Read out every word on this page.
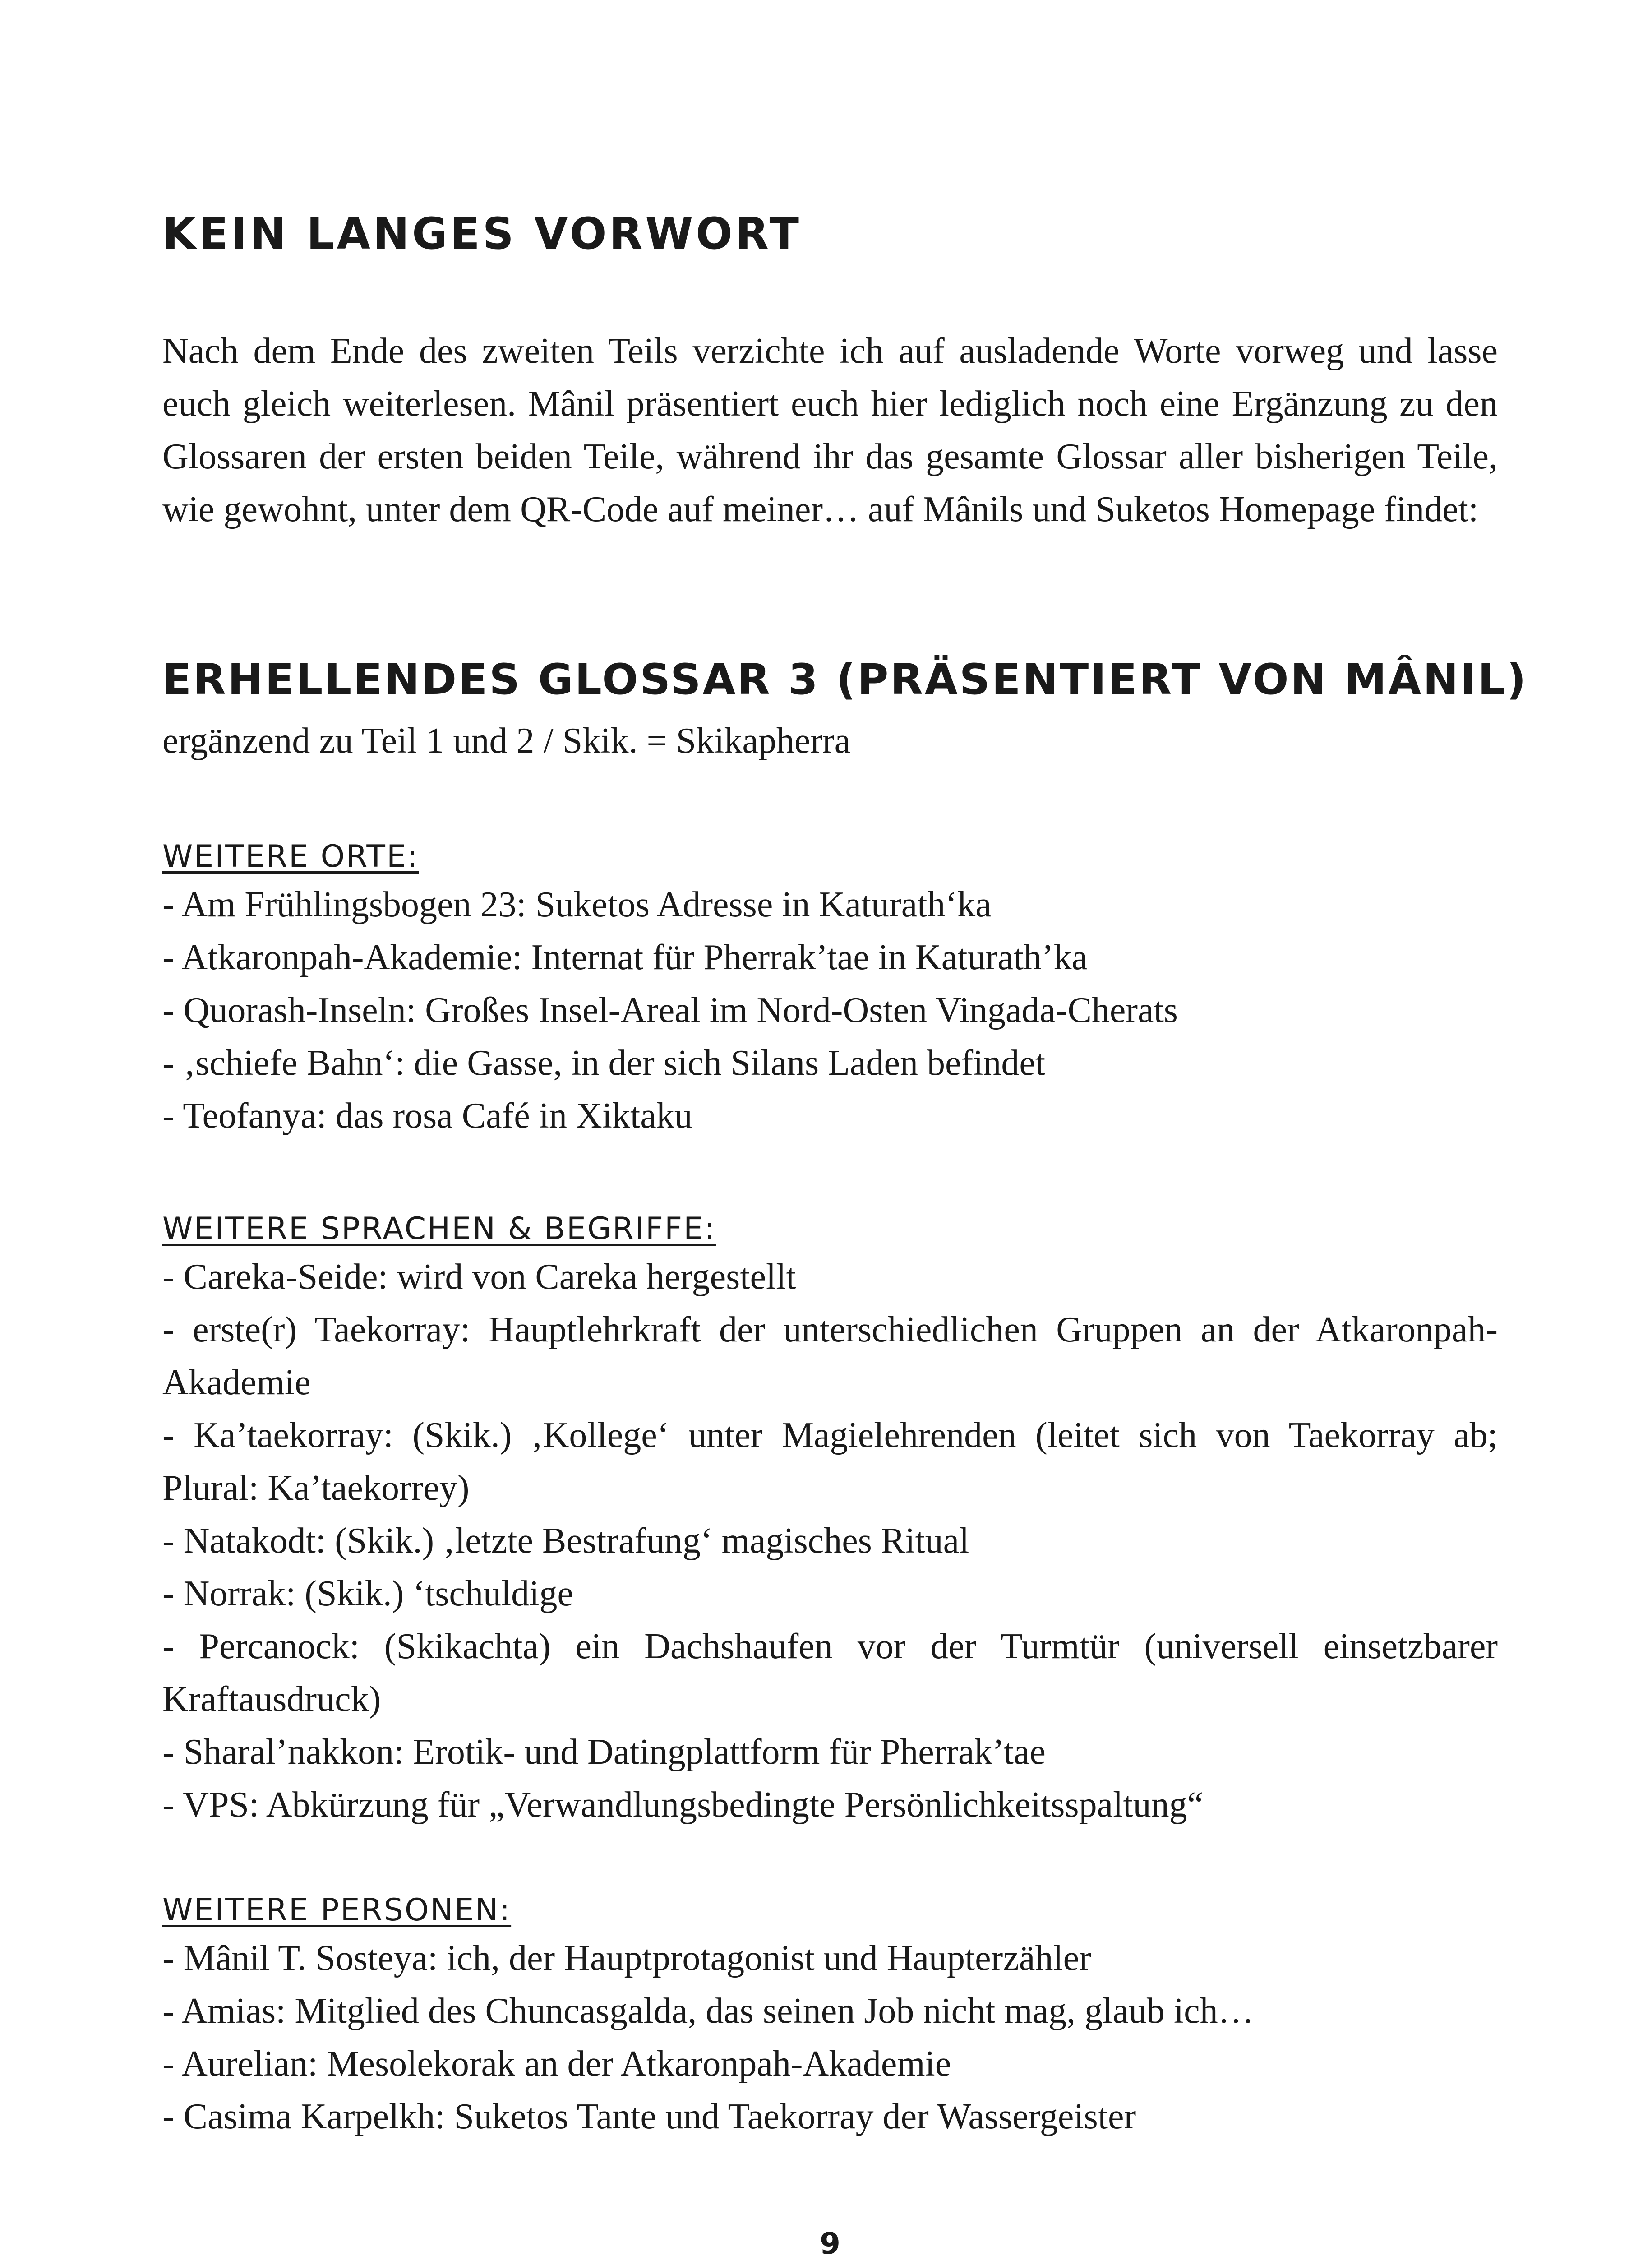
KEIN LANGES VORWORT
Nach dem Ende des zweiten Teils verzichte ich auf ausladende Worte vorweg und lasse euch gleich weiterlesen. Mânil präsentiert euch hier lediglich noch eine Ergänzung zu den Glossaren der ersten beiden Teile, während ihr das gesamte Glossar aller bisherigen Teile, wie gewohnt, unter dem QR-Code auf meiner… auf Mânils und Suketos Homepage findet:
ERHELLENDES GLOSSAR 3 (PRÄSENTIERT VON MÂNIL)
ergänzend zu Teil 1 und 2 / Skik. = Skikapherra
WEITERE ORTE:
- Am Frühlingsbogen 23: Suketos Adresse in Katurath‘ka
- Atkaronpah-Akademie: Internat für Pherrak’tae in Katurath’ka
- Quorash-Inseln: Großes Insel-Areal im Nord-Osten Vingada-Cherats
- ‚schiefe Bahn‘: die Gasse, in der sich Silans Laden befindet
- Teofanya: das rosa Café in Xiktaku
WEITERE SPRACHEN & BEGRIFFE:
- Careka-Seide: wird von Careka hergestellt
- erste(r) Taekorray: Hauptlehrkraft der unterschiedlichen Gruppen an der Atkaronpah-Akademie
- Ka’taekorray: (Skik.) ‚Kollege‘ unter Magielehrenden (leitet sich von Taekorray ab; Plural: Ka’taekorrey)
- Natakodt: (Skik.) ‚letzte Bestrafung‘ magisches Ritual
- Norrak: (Skik.) ‘tschuldige
- Percanock: (Skikachta) ein Dachshaufen vor der Turmtür (universell einsetzbarer Kraftausdruck)
- Sharal’nakkon: Erotik- und Datingplattform für Pherrak’tae
- VPS: Abkürzung für „Verwandlungsbedingte Persönlichkeitsspaltung“
WEITERE PERSONEN:
- Mânil T. Sosteya: ich, der Hauptprotagonist und Haupterzähler
- Amias: Mitglied des Chuncasgalda, das seinen Job nicht mag, glaub ich…
- Aurelian: Mesolekorak an der Atkaronpah-Akademie
- Casima Karpelkh: Suketos Tante und Taekorray der Wassergeister
9
